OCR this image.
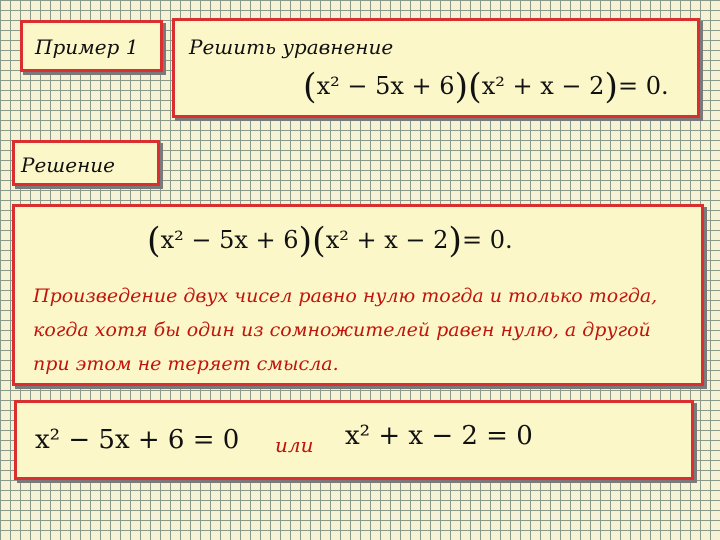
Пример 1	Решить уравнение
(x² − 5x + 6)(x² + x − 2)= 0.
Решение
(x² − 5x + 6)(x² + x − 2)= 0.
Произведение двух чисел равно нулю тогда и только тогда, когда хотя бы один из сомножителей равен нулю, а другой при этом не теряет смысла.
x² − 5x + 6 = 0 или x² + x − 2 = 0
